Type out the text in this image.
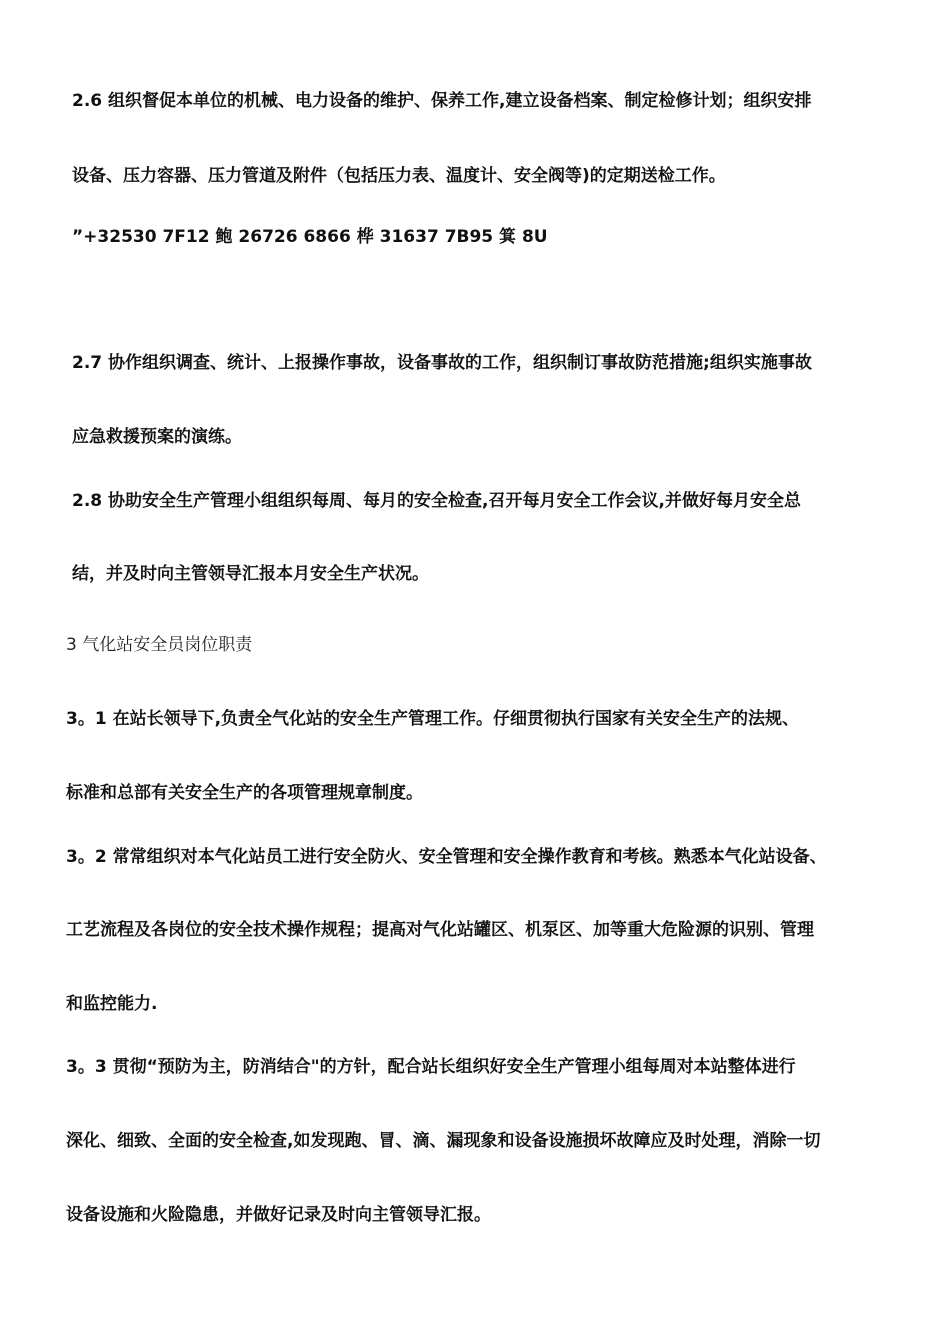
2.6 组织督促本单位的机械、电力设备的维护、保养工作,建立设备档案、制定检修计划；组织安排
设备、压力容器、压力管道及附件（包括压力表、温度计、安全阀等)的定期送检工作。
”+32530 7F12 鲍 26726 6866 桦 31637 7B95 箕 8U
2.7 协作组织调查、统计、上报操作事故，设备事故的工作，组织制订事故防范措施;组织实施事故
应急救援预案的演练。
2.8 协助安全生产管理小组组织每周、每月的安全检查,召开每月安全工作会议,并做好每月安全总
结，并及时向主管领导汇报本月安全生产状况。
3 气化站安全员岗位职责
3。1 在站长领导下,负责全气化站的安全生产管理工作。仔细贯彻执行国家有关安全生产的法规、
标准和总部有关安全生产的各项管理规章制度。
3。2 常常组织对本气化站员工进行安全防火、安全管理和安全操作教育和考核。熟悉本气化站设备、
工艺流程及各岗位的安全技术操作规程；提高对气化站罐区、机泵区、加等重大危险源的识别、管理
和监控能力.
3。3 贯彻“预防为主，防消结合"的方针，配合站长组织好安全生产管理小组每周对本站整体进行
深化、细致、全面的安全检查,如发现跑、冒、滴、漏现象和设备设施损坏故障应及时处理，消除一切
设备设施和火险隐患，并做好记录及时向主管领导汇报。
